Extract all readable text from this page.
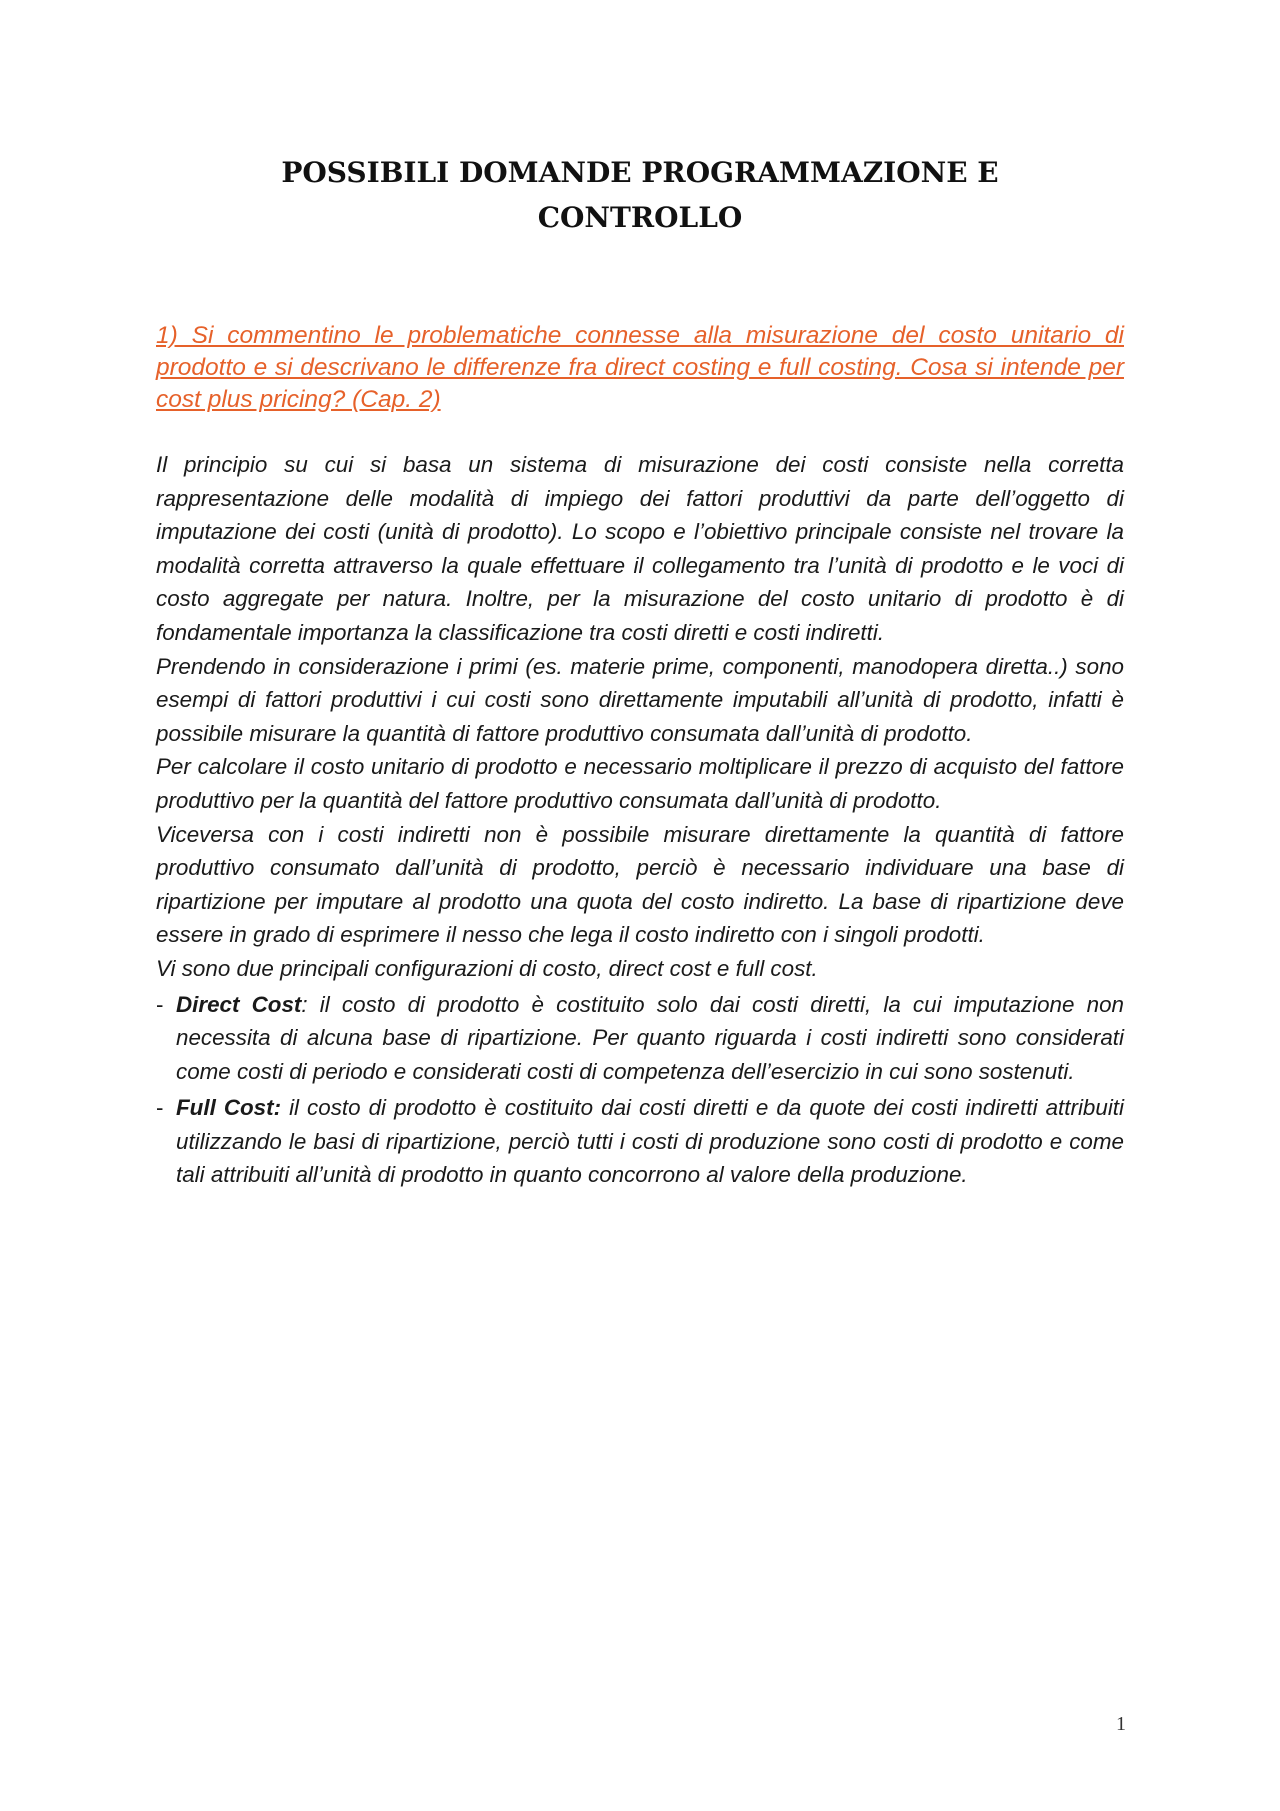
POSSIBILI DOMANDE PROGRAMMAZIONE E
CONTROLLO

1) Si commentino le problematiche connesse alla misurazione del costo unitario di prodotto e si descrivano le differenze fra direct costing e full costing. Cosa si intende per cost plus pricing? (Cap. 2)

Il principio su cui si basa un sistema di misurazione dei costi consiste nella corretta rappresentazione delle modalità di impiego dei fattori produttivi da parte dell’oggetto di imputazione dei costi (unità di prodotto). Lo scopo e l’obiettivo principale consiste nel trovare la modalità corretta attraverso la quale effettuare il collegamento tra l’unità di prodotto e le voci di costo aggregate per natura. Inoltre, per la misurazione del costo unitario di prodotto è di fondamentale importanza la classificazione tra costi diretti e costi indiretti.

Prendendo in considerazione i primi (es. materie prime, componenti, manodopera diretta..) sono esempi di fattori produttivi i cui costi sono direttamente imputabili all’unità di prodotto, infatti è possibile misurare la quantità di fattore produttivo consumata dall’unità di prodotto.

Per calcolare il costo unitario di prodotto e necessario moltiplicare il prezzo di acquisto del fattore produttivo per la quantità del fattore produttivo consumata dall’unità di prodotto.

Viceversa con i costi indiretti non è possibile misurare direttamente la quantità di fattore produttivo consumato dall’unità di prodotto, perciò è necessario individuare una base di ripartizione per imputare al prodotto una quota del costo indiretto. La base di ripartizione deve essere in grado di esprimere il nesso che lega il costo indiretto con i singoli prodotti.

Vi sono due principali configurazioni di costo, direct cost e full cost.

- Direct Cost: il costo di prodotto è costituito solo dai costi diretti, la cui imputazione non necessita di alcuna base di ripartizione. Per quanto riguarda i costi indiretti sono considerati come costi di periodo e considerati costi di competenza dell’esercizio in cui sono sostenuti.
- Full Cost: il costo di prodotto è costituito dai costi diretti e da quote dei costi indiretti attribuiti utilizzando le basi di ripartizione, perciò tutti i costi di produzione sono costi di prodotto e come tali attribuiti all’unità di prodotto in quanto concorrono al valore della produzione.
1
